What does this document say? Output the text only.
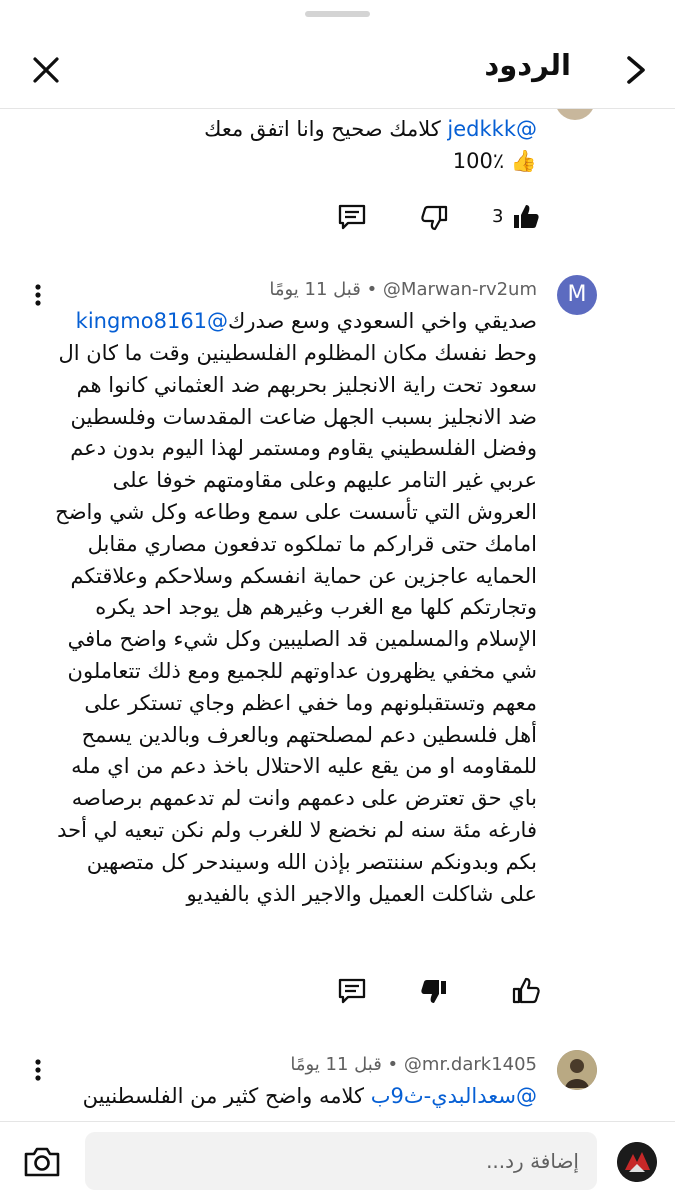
الردود
@jedkkk كلامك صحيح وانا اتفق معك
👍 100٪
3
M
@Marwan-rv2um • قبل 11 يومًا
صديقي واخي السعودي وسع صدرك@kingmo8161
وحط نفسك مكان المظلوم الفلسطينين وقت ما كان ال
سعود تحت راية الانجليز بحربهم ضد العثماني كانوا هم
ضد الانجليز بسبب الجهل ضاعت المقدسات وفلسطين
وفضل الفلسطيني يقاوم ومستمر لهذا اليوم بدون دعم
عربي غير التامر عليهم وعلى مقاومتهم خوفا على
العروش التي تأسست على سمع وطاعه وكل شي واضح
امامك حتى قراركم ما تملكوه تدفعون مصاري مقابل
الحمايه عاجزين عن حماية انفسكم وسلاحكم وعلاقتكم
وتجارتكم كلها مع الغرب وغيرهم هل يوجد احد يكره
الإسلام والمسلمين قد الصليبين وكل شيء واضح مافي
شي مخفي يظهرون عداوتهم للجميع ومع ذلك تتعاملون
معهم وتستقبلونهم وما خفي اعظم وجاي تستكر على
أهل فلسطين دعم لمصلحتهم وبالعرف وبالدين يسمح
للمقاومه او من يقع عليه الاحتلال باخذ دعم من اي مله
باي حق تعترض على دعمهم وانت لم تدعمهم برصاصه
فارغه مئة سنه لم نخضع لا للغرب ولم نكن تبعيه لي أحد
بكم وبدونكم سننتصر بإذن الله وسيندحر كل متصهين
على شاكلت العميل والاجير الذي بالفيديو
@mr.dark1405 • قبل 11 يومًا
@سعدالبدي-ث9ب كلامه واضح كثير من الفلسطنيين
إضافة رد...
